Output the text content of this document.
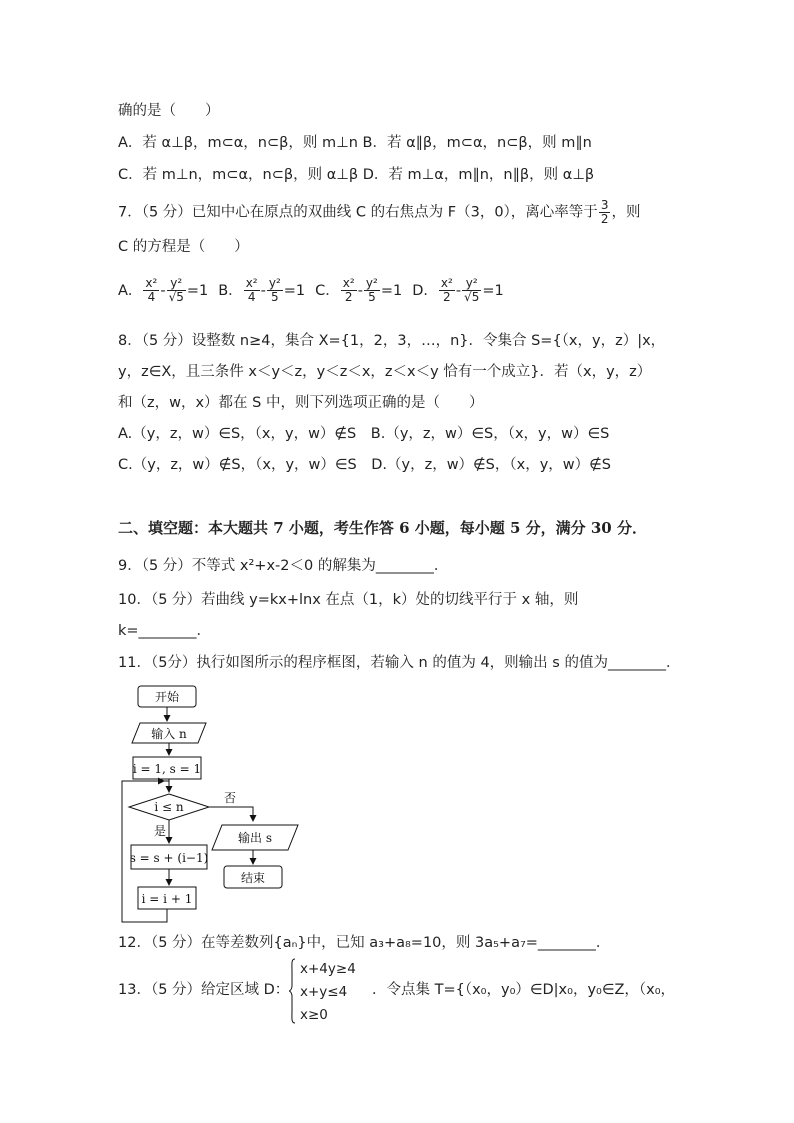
确的是（　　）
A．若 α⊥β，m⊂α，n⊂β，则 m⊥n B．若 α∥β，m⊂α，n⊂β，则 m∥n
C．若 m⊥n，m⊂α，n⊂β，则 α⊥β D．若 m⊥α，m∥n，n∥β，则 α⊥β
7．（5 分）已知中心在原点的双曲线 C 的右焦点为 F（3，0），离心率等于 $\frac{3}{2}$ ，则
C 的方程是（　　）
A． $\frac{\text{x²}}{4} - \frac{\text{y²}}{√5} =1$ B． $\frac{\text{x²}}{4} - \frac{\text{y²}}{5} =1$ C． $\frac{\text{x²}}{2} - \frac{\text{y²}}{5} =1$ D． $\frac{\text{x²}}{2} - \frac{\text{y²}}{√5} =1$
8．（5 分）设整数 n≥4，集合 X={1，2，3，…，n}．令集合 S={（x，y，z）|x，
y，z∈X，且三条件 x＜y＜z，y＜z＜x，z＜x＜y 恰有一个成立}．若（x，y，z）
和（z，w，x）都在 S 中，则下列选项正确的是（　　）
A.（y，z，w）∈S，（x，y，w）∉S　B.（y，z，w）∈S，（x，y，w）∈S
C.（y，z，w）∉S，（x，y，w）∈S　D.（y，z，w）∉S，（x，y，w）∉S
二、填空题：本大题共 7 小题，考生作答 6 小题，每小题 5 分，满分 30 分．
9．（5 分）不等式 x²+x-2＜0 的解集为________．
10．（5 分）若曲线 y=kx+lnx 在点（1，k）处的切线平行于 x 轴，则
k=________．
11．（5分）执行如图所示的程序框图，若输入 n 的值为 4，则输出 s 的值为________．
开始
输入 n
i = 1, s = 1
i ≤ n
否
是
s = s + (i−1)
i = i + 1
输出 s
结束
12．（5 分）在等差数列{aₙ}中，已知 a₃+a₈=10，则 3a₅+a₇=________．
13．（5 分）给定区域 D：
x+4y≥4
x+y≤4
x≥0
．令点集 T={（x₀，y₀）∈D|x₀，y₀∈Z，（x₀，
